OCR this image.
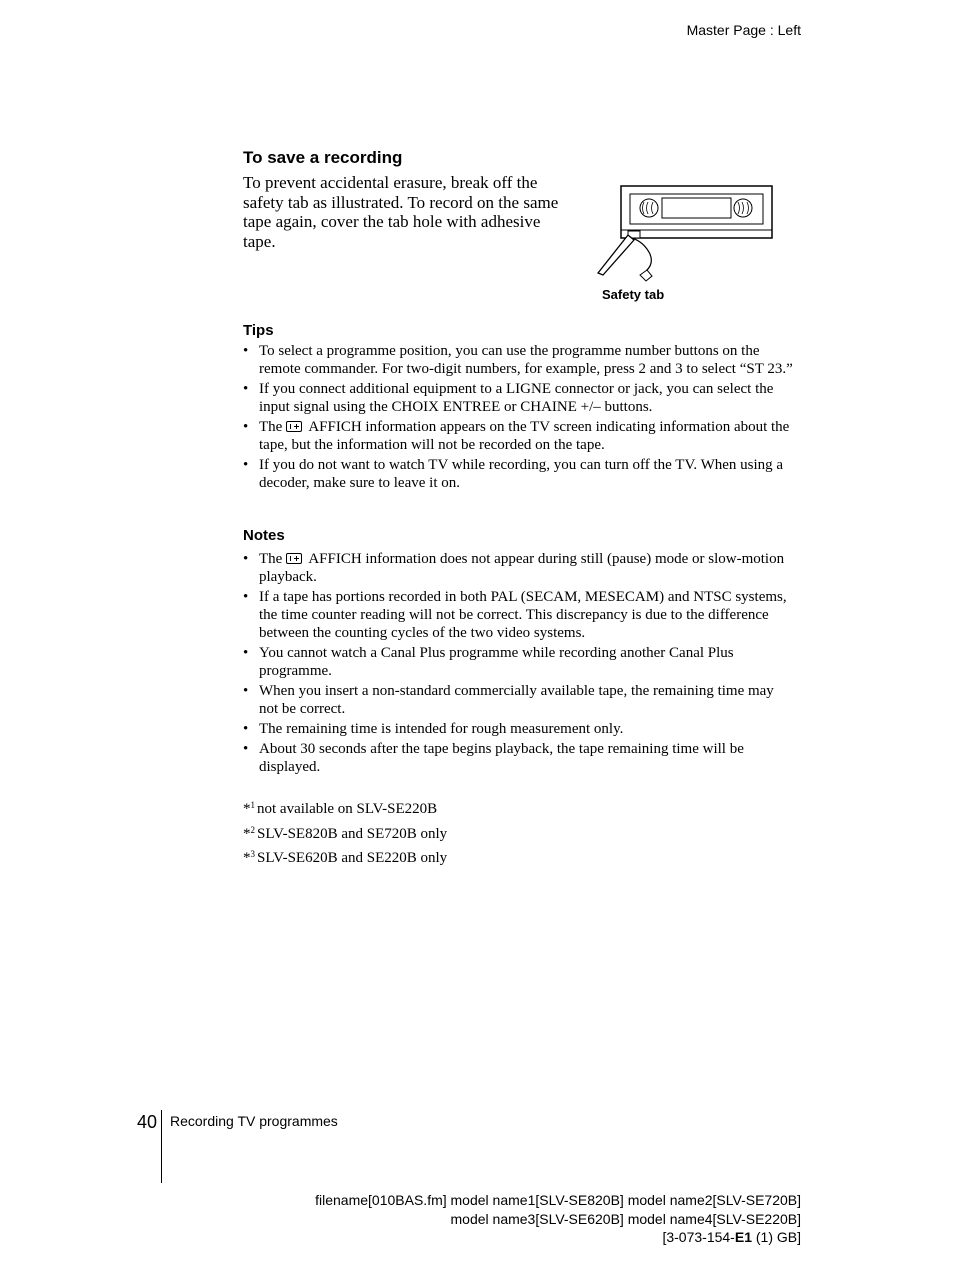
Master Page : Left
To save a recording
To prevent accidental erasure, break off the safety tab as illustrated. To record on the same tape again, cover the tab hole with adhesive tape.
Safety tab
Tips
• To select a programme position, you can use the programme number buttons on the remote commander. For two-digit numbers, for example, press 2 and 3 to select “ST 23.”
• If you connect additional equipment to a LIGNE connector or jack, you can select the input signal using the CHOIX ENTREE or CHAINE +/– buttons.
• The AFFICH information appears on the TV screen indicating information about the tape, but the information will not be recorded on the tape.
• If you do not want to watch TV while recording, you can turn off the TV. When using a decoder, make sure to leave it on.
Notes
• The AFFICH information does not appear during still (pause) mode or slow-motion playback.
• If a tape has portions recorded in both PAL (SECAM, MESECAM) and NTSC systems, the time counter reading will not be correct. This discrepancy is due to the difference between the counting cycles of the two video systems.
• You cannot watch a Canal Plus programme while recording another Canal Plus programme.
• When you insert a non-standard commercially available tape, the remaining time may not be correct.
• The remaining time is intended for rough measurement only.
• About 30 seconds after the tape begins playback, the tape remaining time will be displayed.
*$^1$ not available on SLV-SE220B
*$^2$ SLV-SE820B and SE720B only
*$^3$ SLV-SE620B and SE220B only
40 Recording TV programmes
filename[010BAS.fm] model name1[SLV-SE820B] model name2[SLV-SE720B]
model name3[SLV-SE620B] model name4[SLV-SE220B]
[3-073-154-E1 (1) GB]
